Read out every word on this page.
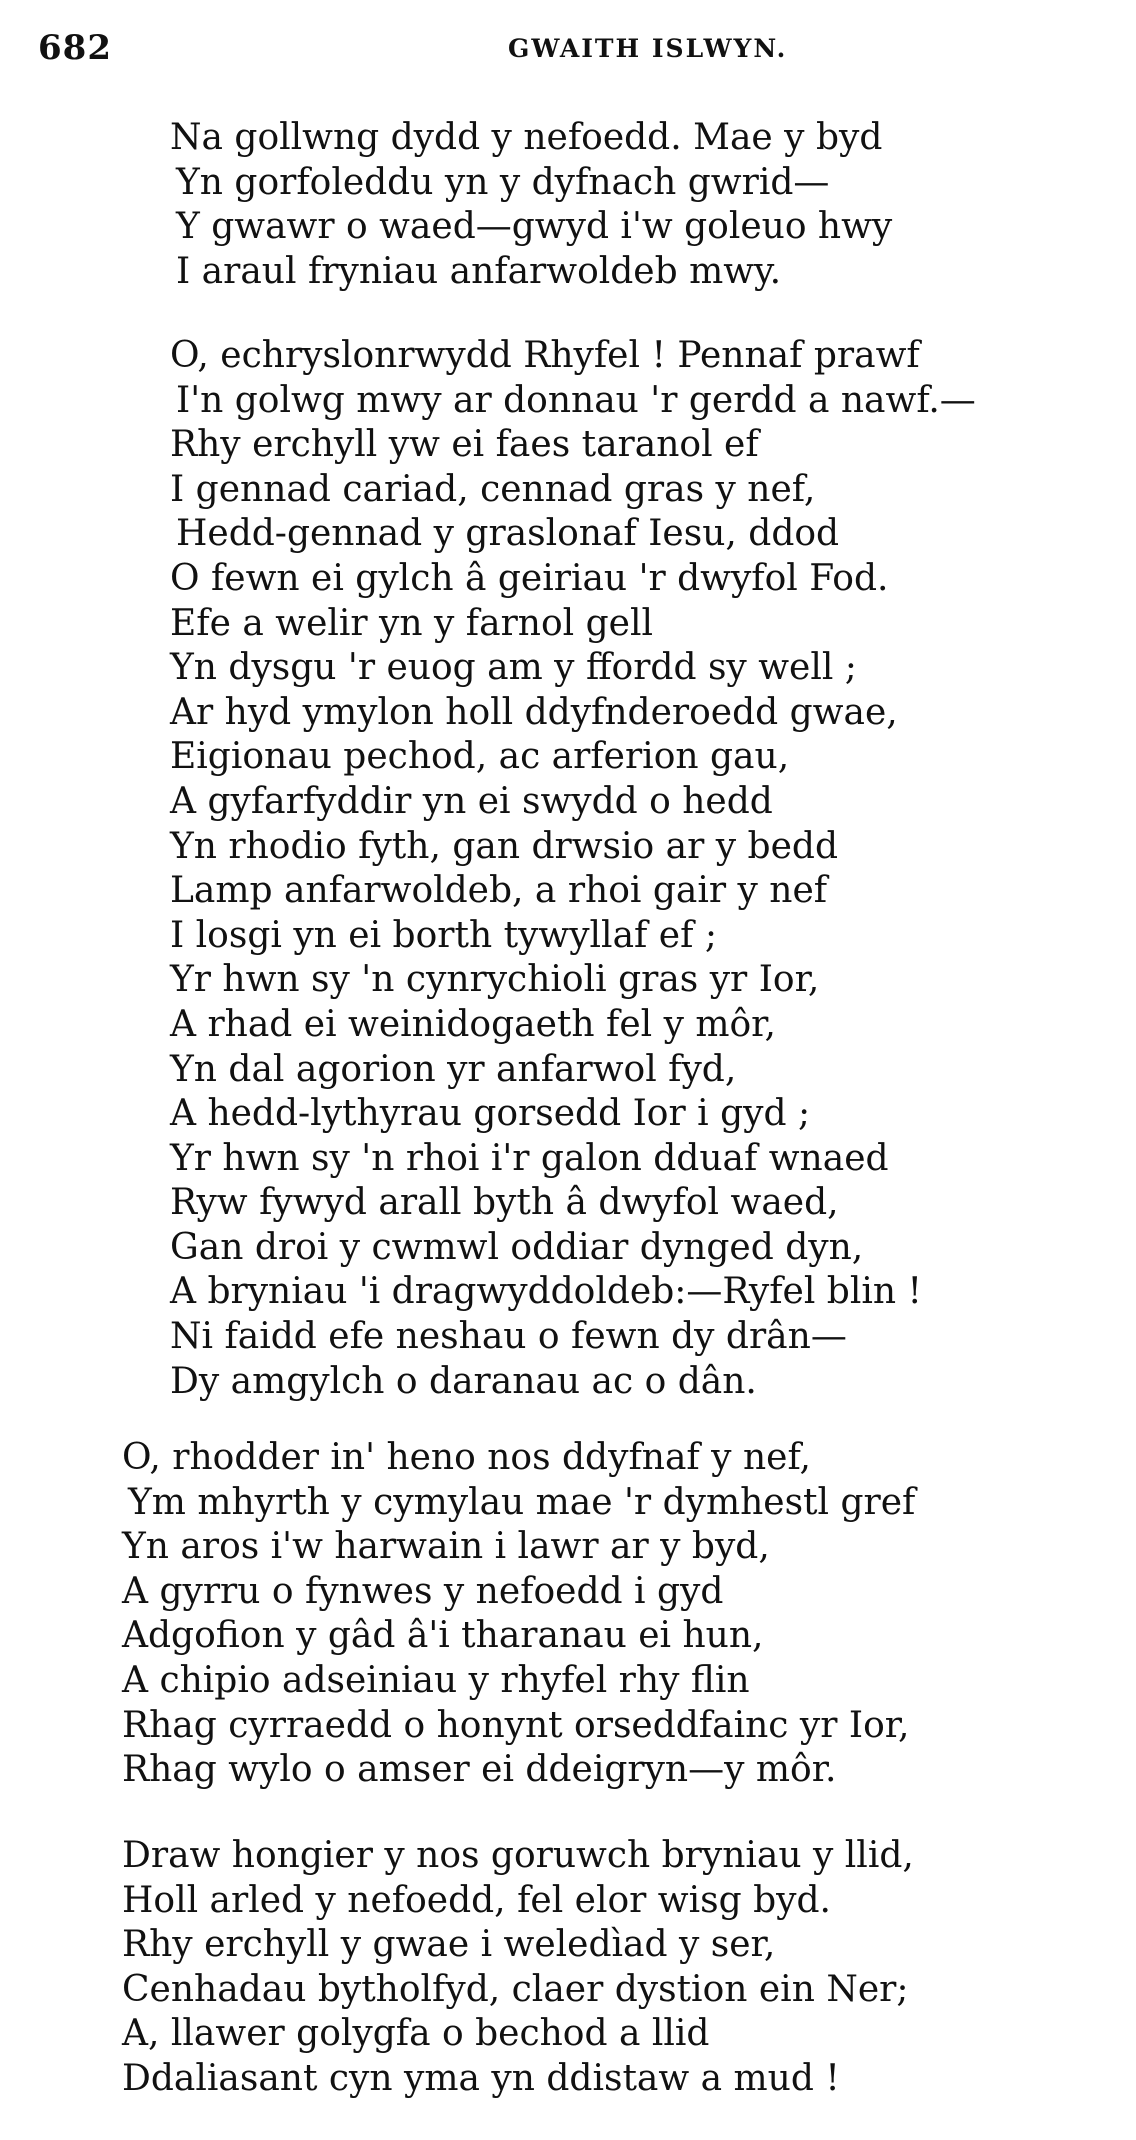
682	GWAITH ISLWYN.
Na gollwng dydd y nefoedd. Mae y byd
Yn gorfoleddu yn y dyfnach gwrid—
Y gwawr o waed—gwyd i'w goleuo hwy
I araul fryniau anfarwoldeb mwy.
O, echryslonrwydd Rhyfel ! Pennaf prawf
I'n golwg mwy ar donnau 'r gerdd a nawf.—
Rhy erchyll yw ei faes taranol ef
I gennad cariad, cennad gras y nef,
Hedd-gennad y graslonaf Iesu, ddod
O fewn ei gylch â geiriau 'r dwyfol Fod.
Efe a welir yn y farnol gell
Yn dysgu 'r euog am y ffordd sy well ;
Ar hyd ymylon holl ddyfnderoedd gwae,
Eigionau pechod, ac arferion gau,
A gyfarfyddir yn ei swydd o hedd
Yn rhodio fyth, gan drwsio ar y bedd
Lamp anfarwoldeb, a rhoi gair y nef
I losgi yn ei borth tywyllaf ef ;
Yr hwn sy 'n cynrychioli gras yr Ior,
A rhad ei weinidogaeth fel y môr,
Yn dal agorion yr anfarwol fyd,
A hedd-lythyrau gorsedd Ior i gyd ;
Yr hwn sy 'n rhoi i'r galon dduaf wnaed
Ryw fywyd arall byth â dwyfol waed,
Gan droi y cwmwl oddiar dynged dyn,
A bryniau 'i dragwyddoldeb:—Ryfel blin !
Ni faidd efe neshau o fewn dy drân—
Dy amgylch o daranau ac o dân.
O, rhodder in' heno nos ddyfnaf y nef,
Ym mhyrth y cymylau mae 'r dymhestl gref
Yn aros i'w harwain i lawr ar y byd,
A gyrru o fynwes y nefoedd i gyd
Adgofion y gâd â'i tharanau ei hun,
A chipio adseiniau y rhyfel rhy flin
Rhag cyrraedd o honynt orseddfainc yr Ior,
Rhag wylo o amser ei ddeigryn—y môr.
Draw hongier y nos goruwch bryniau y llid,
Holl arled y nefoedd, fel elor wisg byd.
Rhy erchyll y gwae i weledìad y ser,
Cenhadau bytholfyd, claer dystion ein Ner;
A, llawer golygfa o bechod a llid
Ddaliasant cyn yma yn ddistaw a mud !
